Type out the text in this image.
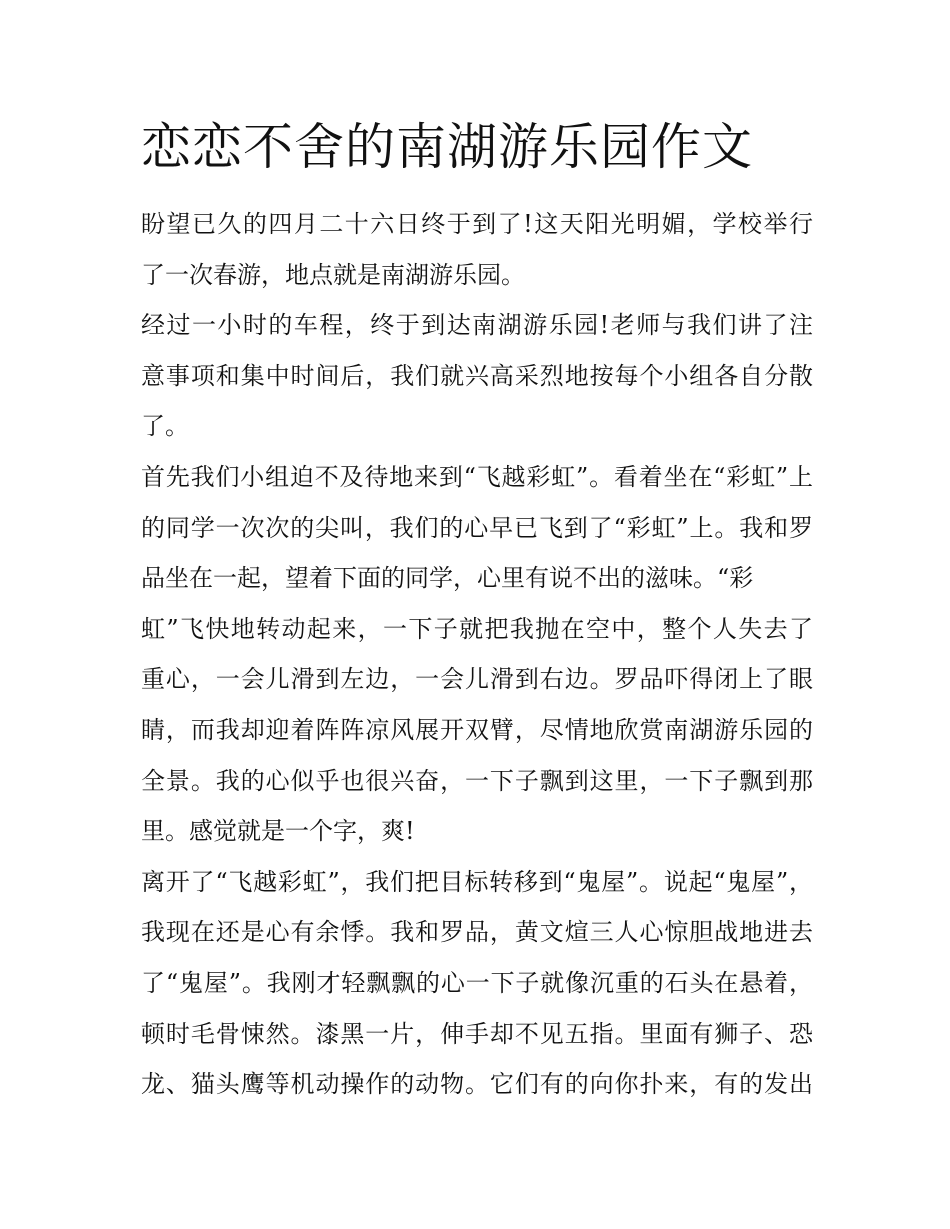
恋恋不舍的南湖游乐园作文
盼望已久的四月二十六日终于到了!这天阳光明媚，学校举行
了一次春游，地点就是南湖游乐园。
经过一小时的车程，终于到达南湖游乐园!老师与我们讲了注
意事项和集中时间后，我们就兴高采烈地按每个小组各自分散
了。
首先我们小组迫不及待地来到“飞越彩虹”。看着坐在“彩虹”上
的同学一次次的尖叫，我们的心早已飞到了“彩虹”上。我和罗
品坐在一起，望着下面的同学，心里有说不出的滋味。“彩
虹”飞快地转动起来，一下子就把我抛在空中，整个人失去了
重心，一会儿滑到左边，一会儿滑到右边。罗品吓得闭上了眼
睛，而我却迎着阵阵凉风展开双臂，尽情地欣赏南湖游乐园的
全景。我的心似乎也很兴奋，一下子飘到这里，一下子飘到那
里。感觉就是一个字，爽!
离开了“飞越彩虹”，我们把目标转移到“鬼屋”。说起“鬼屋”，
我现在还是心有余悸。我和罗品，黄文煊三人心惊胆战地进去
了“鬼屋”。我刚才轻飘飘的心一下子就像沉重的石头在悬着，
顿时毛骨悚然。漆黑一片，伸手却不见五指。里面有狮子、恐
龙、猫头鹰等机动操作的动物。它们有的向你扑来，有的发出
